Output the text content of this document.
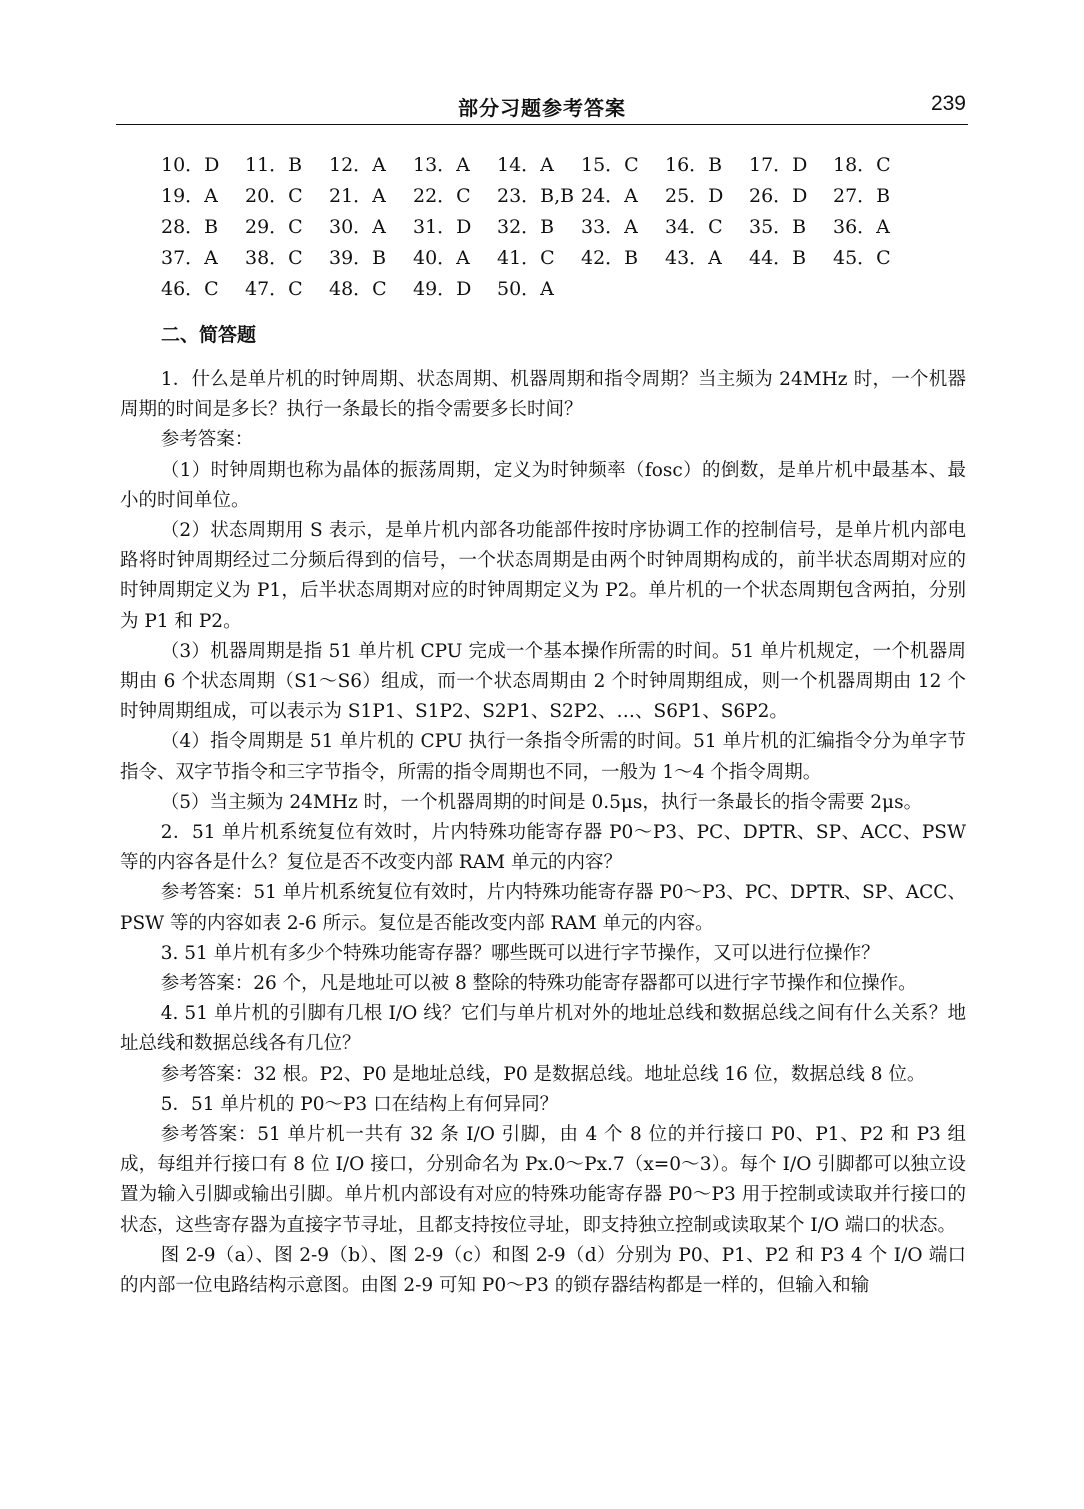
部分习题参考答案	239
10．D 11．B 12．A 13．A 14．A 15．C 16．B 17．D 18．C
19．A 20．C 21．A 22．C 23．B,B 24．A 25．D 26．D 27．B
28．B 29．C 30．A 31．D 32．B 33．A 34．C 35．B 36．A
37．A 38．C 39．B 40．A 41．C 42．B 43．A 44．B 45．C
46．C 47．C 48．C 49．D 50．A
二、简答题

1．什么是单片机的时钟周期、状态周期、机器周期和指令周期？当主频为 24MHz 时，一个机器周期的时间是多长？执行一条最长的指令需要多长时间？

参考答案：

（1）时钟周期也称为晶体的振荡周期，定义为时钟频率（fosc）的倒数，是单片机中最基本、最小的时间单位。

（2）状态周期用 S 表示，是单片机内部各功能部件按时序协调工作的控制信号，是单片机内部电路将时钟周期经过二分频后得到的信号，一个状态周期是由两个时钟周期构成的，前半状态周期对应的时钟周期定义为 P1，后半状态周期对应的时钟周期定义为 P2。单片机的一个状态周期包含两拍，分别为 P1 和 P2。

（3）机器周期是指 51 单片机 CPU 完成一个基本操作所需的时间。51 单片机规定，一个机器周期由 6 个状态周期（S1～S6）组成，而一个状态周期由 2 个时钟周期组成，则一个机器周期由 12 个时钟周期组成，可以表示为 S1P1、S1P2、S2P1、S2P2、…、S6P1、S6P2。

（4）指令周期是 51 单片机的 CPU 执行一条指令所需的时间。51 单片机的汇编指令分为单字节指令、双字节指令和三字节指令，所需的指令周期也不同，一般为 1～4 个指令周期。

（5）当主频为 24MHz 时，一个机器周期的时间是 0.5μs，执行一条最长的指令需要 2μs。

2．51 单片机系统复位有效时，片内特殊功能寄存器 P0～P3、PC、DPTR、SP、ACC、PSW 等的内容各是什么？复位是否不改变内部 RAM 单元的内容？

参考答案：51 单片机系统复位有效时，片内特殊功能寄存器 P0～P3、PC、DPTR、SP、ACC、PSW 等的内容如表 2-6 所示。复位是否能改变内部 RAM 单元的内容。

3. 51 单片机有多少个特殊功能寄存器？哪些既可以进行字节操作，又可以进行位操作？

参考答案：26 个，凡是地址可以被 8 整除的特殊功能寄存器都可以进行字节操作和位操作。

4. 51 单片机的引脚有几根 I/O 线？它们与单片机对外的地址总线和数据总线之间有什么关系？地址总线和数据总线各有几位？

参考答案：32 根。P2、P0 是地址总线，P0 是数据总线。地址总线 16 位，数据总线 8 位。

5．51 单片机的 P0～P3 口在结构上有何异同？

参考答案：51 单片机一共有 32 条 I/O 引脚，由 4 个 8 位的并行接口 P0、P1、P2 和 P3 组成，每组并行接口有 8 位 I/O 接口，分别命名为 Px.0～Px.7（x=0～3）。每个 I/O 引脚都可以独立设置为输入引脚或输出引脚。单片机内部设有对应的特殊功能寄存器 P0～P3 用于控制或读取并行接口的状态，这些寄存器为直接字节寻址，且都支持按位寻址，即支持独立控制或读取某个 I/O 端口的状态。

图 2-9（a）、图 2-9（b）、图 2-9（c）和图 2-9（d）分别为 P0、P1、P2 和 P3 4 个 I/O 端口的内部一位电路结构示意图。由图 2-9 可知 P0～P3 的锁存器结构都是一样的，但输入和输
